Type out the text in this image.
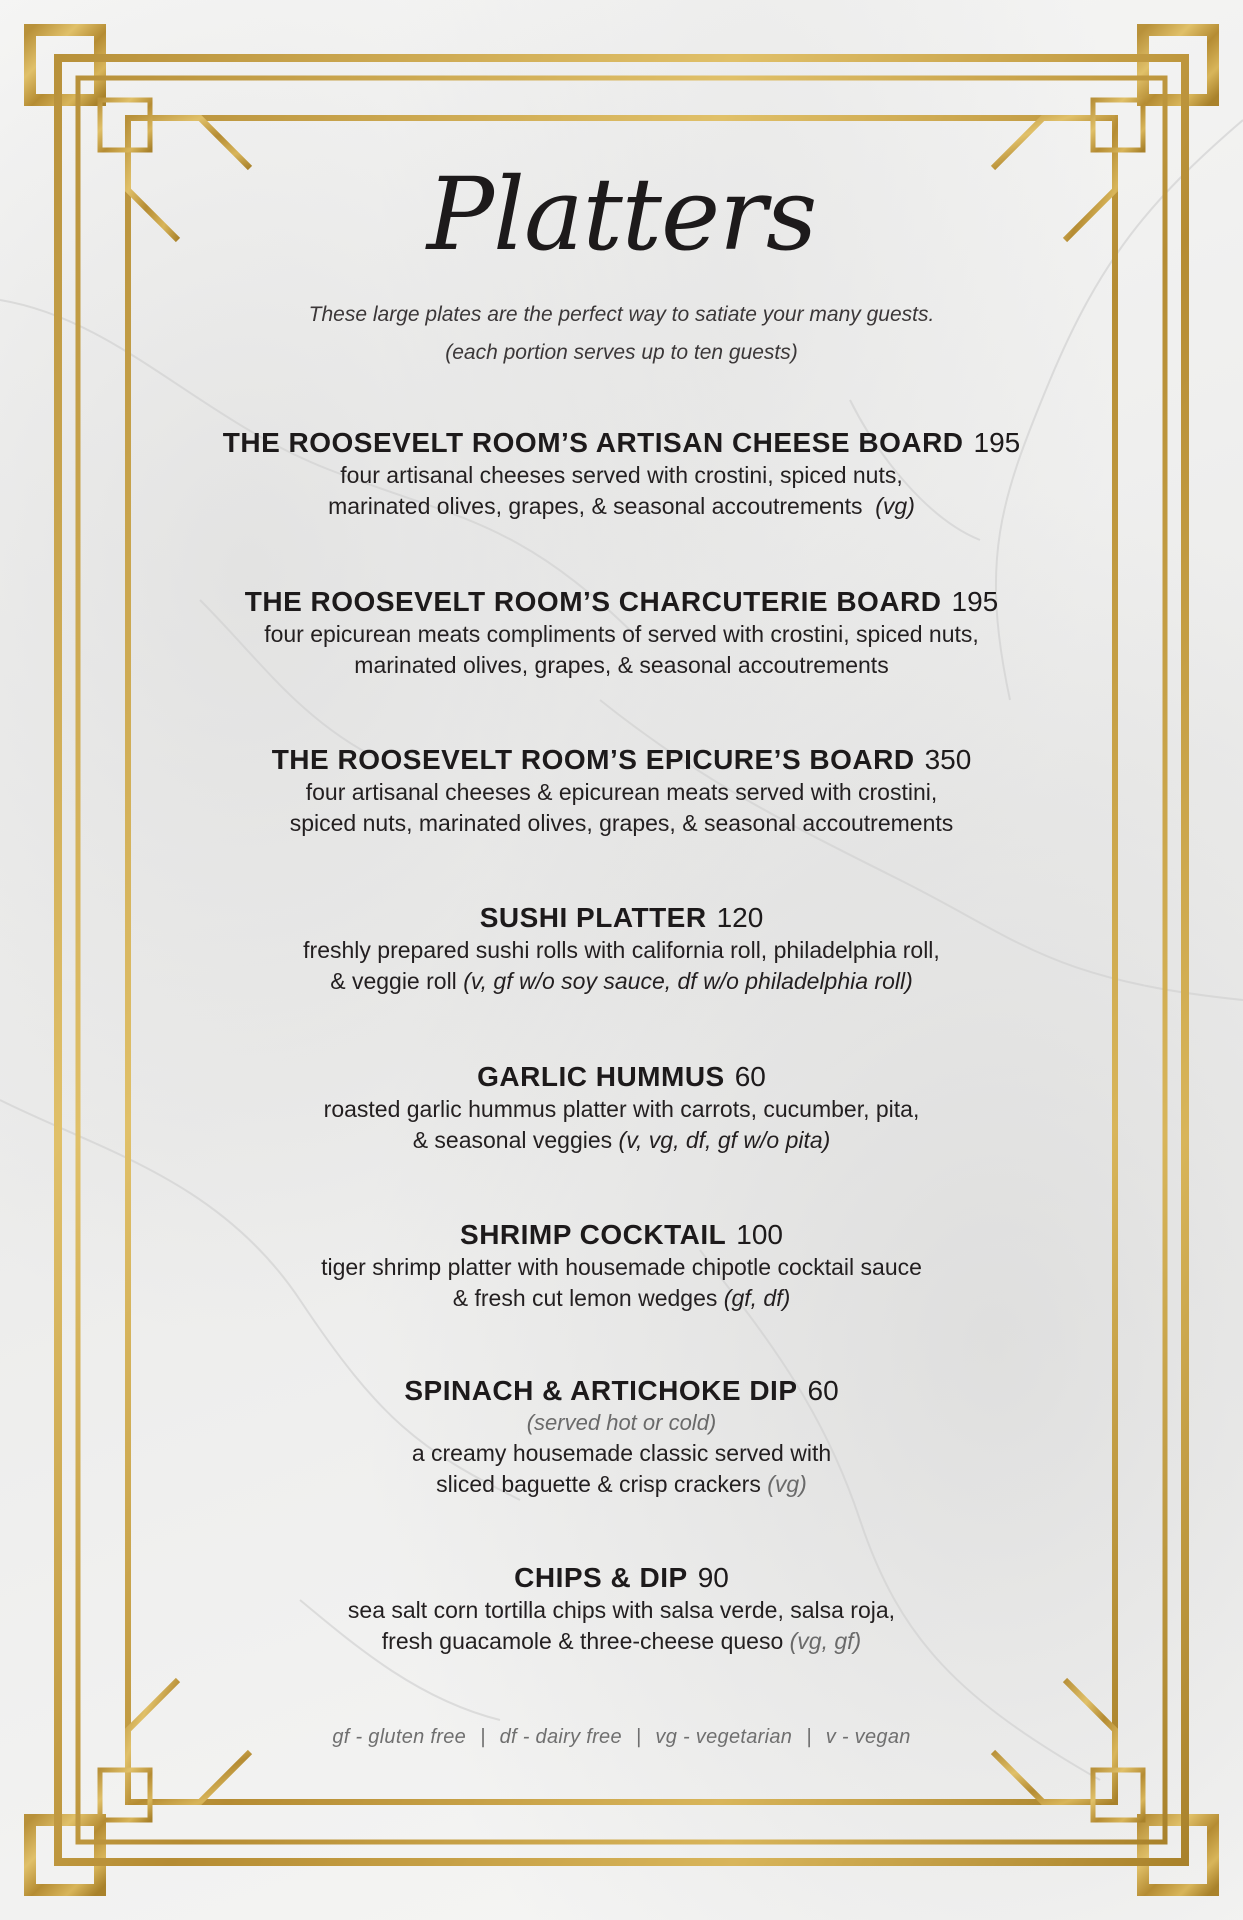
Platters
These large plates are the perfect way to satiate your many guests.
(each portion serves up to ten guests)
THE ROOSEVELT ROOM’S ARTISAN CHEESE BOARD 195
four artisanal cheeses served with crostini, spiced nuts,
marinated olives, grapes, & seasonal accoutrements (vg)
THE ROOSEVELT ROOM’S CHARCUTERIE BOARD 195
four epicurean meats compliments of served with crostini, spiced nuts,
marinated olives, grapes, & seasonal accoutrements
THE ROOSEVELT ROOM’S EPICURE’S BOARD 350
four artisanal cheeses & epicurean meats served with crostini,
spiced nuts, marinated olives, grapes, & seasonal accoutrements
SUSHI PLATTER 120
freshly prepared sushi rolls with california roll, philadelphia roll,
& veggie roll (v, gf w/o soy sauce, df w/o philadelphia roll)
GARLIC HUMMUS 60
roasted garlic hummus platter with carrots, cucumber, pita,
& seasonal veggies (v, vg, df, gf w/o pita)
SHRIMP COCKTAIL 100
tiger shrimp platter with housemade chipotle cocktail sauce
& fresh cut lemon wedges (gf, df)
SPINACH & ARTICHOKE DIP 60
(served hot or cold)
a creamy housemade classic served with
sliced baguette & crisp crackers (vg)
CHIPS & DIP 90
sea salt corn tortilla chips with salsa verde, salsa roja,
fresh guacamole & three-cheese queso (vg, gf)
gf - gluten free | df - dairy free | vg - vegetarian | v - vegan
